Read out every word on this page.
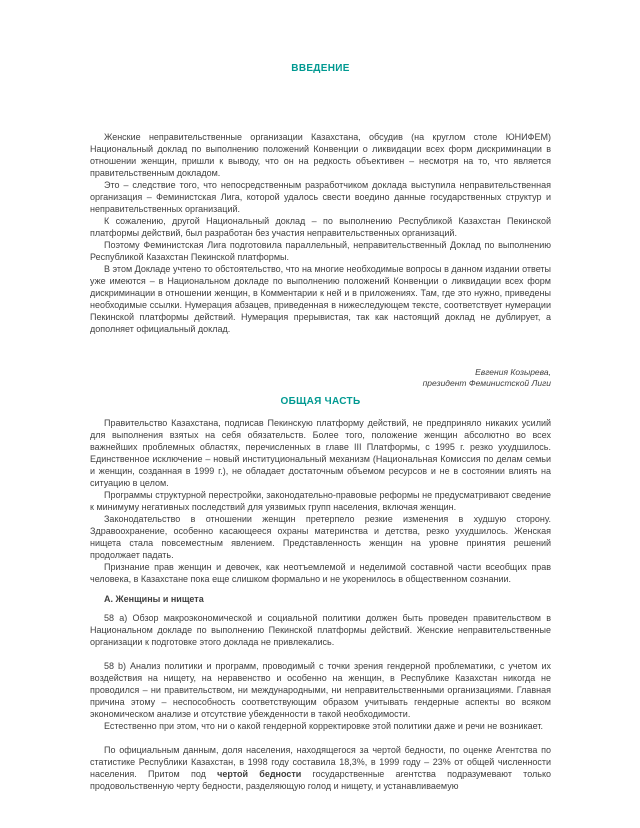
ВВЕДЕНИЕ

Женские неправительственные организации Казахстана, обсудив (на круглом столе ЮНИФЕМ) Национальный доклад по выполнению положений Конвенции о ликвидации всех форм дискриминации в отношении женщин, пришли к выводу, что он на редкость объективен – несмотря на то, что является правительственным докладом.

Это – следствие того, что непосредственным разработчиком доклада выступила неправительственная организация – Феминистская Лига, которой удалось свести воедино данные государственных структур и неправительственных организаций.

К сожалению, другой Национальный доклад – по выполнению Республикой Казахстан Пекинской платформы действий, был разработан без участия неправительственных организаций.

Поэтому Феминистская Лига подготовила параллельный, неправительственный Доклад по выполнению Республикой Казахстан Пекинской платформы.

В этом Докладе учтено то обстоятельство, что на многие необходимые вопросы в данном издании ответы уже имеются – в Национальном докладе по выполнению положений Конвенции о ликвидации всех форм дискриминации в отношении женщин, в Комментарии к ней и в приложениях. Там, где это нужно, приведены необходимые ссылки. Нумерация абзацев, приведенная в нижеследующем тексте, соответствует нумерации Пекинской платформы действий. Нумерация прерывистая, так как настоящий доклад не дублирует, а дополняет официальный доклад.

Евгения Козырева,
президент Феминистской Лиги
ОБЩАЯ ЧАСТЬ

Правительство Казахстана, подписав Пекинскую платформу действий, не предприняло никаких усилий для выполнения взятых на себя обязательств. Более того, положение женщин абсолютно во всех важнейших проблемных областях, перечисленных в главе III Платформы, с 1995 г. резко ухудшилось. Единственное исключение – новый институциональный механизм (Национальная Комиссия по делам семьи и женщин, созданная в 1999 г.), не обладает достаточным объемом ресурсов и не в состоянии влиять на ситуацию в целом.

Программы структурной перестройки, законодательно-правовые реформы не предусматривают сведение к минимуму негативных последствий для уязвимых групп населения, включая женщин.

Законодательство в отношении женщин претерпело резкие изменения в худшую сторону. Здравоохранение, особенно касающееся охраны материнства и детства, резко ухудшилось. Женская нищета стала повсеместным явлением. Представленность женщин на уровне принятия решений продолжает падать.

Признание прав женщин и девочек, как неотъемлемой и неделимой составной части всеобщих прав человека, в Казахстане пока еще слишком формально и не укоренилось в общественном сознании.

А. Женщины и нищета

58 а) Обзор макроэкономической и социальной политики должен быть проведен правительством в Национальном докладе по выполнению Пекинской платформы действий. Женские неправительственные организации к подготовке этого доклада не привлекались.

58 b) Анализ политики и программ, проводимый с точки зрения гендерной проблематики, с учетом их воздействия на нищету, на неравенство и особенно на женщин, в Республике Казахстан никогда не проводился – ни правительством, ни международными, ни неправительственными организациями. Главная причина этому – неспособность соответствующим образом учитывать гендерные аспекты во всяком экономическом анализе и отсутствие убежденности в такой необходимости.

Естественно при этом, что ни о какой гендерной корректировке этой политики даже и речи не возникает.

По официальным данным, доля населения, находящегося за чертой бедности, по оценке Агентства по статистике Республики Казахстан, в 1998 году составила 18,3%, в 1999 году – 23% от общей численности населения. Притом под чертой бедности государственные агентства подразумевают только продовольственную черту бедности, разделяющую голод и нищету, и устанавливаемую
